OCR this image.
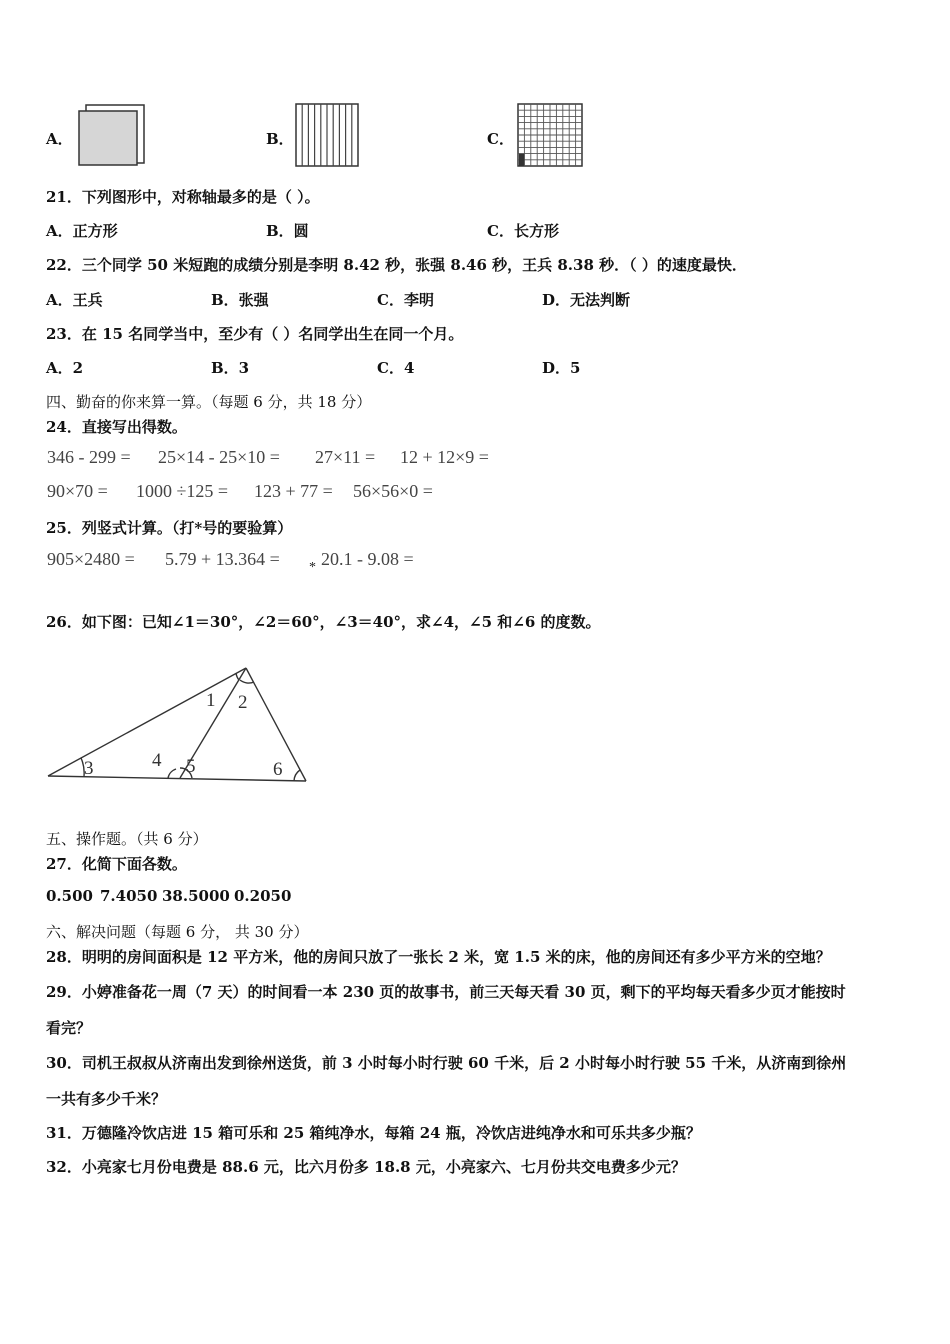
A．	B．	C．
21．下列图形中，对称轴最多的是（ ）。
A．正方形	B．圆	C．长方形
22．三个同学 50 米短跑的成绩分别是李明 8.42 秒，张强 8.46 秒，王兵 8.38 秒．（ ）的速度最快．
A．王兵	B．张强	C．李明	D．无法判断
23．在 15 名同学当中，至少有（ ）名同学出生在同一个月。
A．2	B．3	C．4	D．5
四、勤奋的你来算一算。（每题 6 分，共 18 分）
24．直接写出得数。
346 - 299 = 25×14 - 25×10 = 27×11 = 12 + 12×9 =
90×70 = 1000 ÷125 = 123 + 77 = 56×56×0 =
25．列竖式计算。（打*号的要验算）
905×2480 = 5.79 + 13.364 = * 20.1 - 9.08 =
26．如下图：已知∠1＝30°，∠2＝60°，∠3＝40°，求∠4，∠5 和∠6 的度数。
1 2
3	4 5	6
五、操作题。（共 6 分）
27．化简下面各数。
0.500 7.4050 38.5000 0.2050
六、解决问题（每题 6 分， 共 30 分）
28．明明的房间面积是 12 平方米，他的房间只放了一张长 2 米，宽 1.5 米的床，他的房间还有多少平方米的空地？
29．小婷准备花一周（7 天）的时间看一本 230 页的故事书，前三天每天看 30 页，剩下的平均每天看多少页才能按时
看完？
30．司机王叔叔从济南出发到徐州送货，前 3 小时每小时行驶 60 千米，后 2 小时每小时行驶 55 千米，从济南到徐州
一共有多少千米？
31．万德隆冷饮店进 15 箱可乐和 25 箱纯净水，每箱 24 瓶，冷饮店进纯净水和可乐共多少瓶？
32．小亮家七月份电费是 88.6 元，比六月份多 18.8 元，小亮家六、七月份共交电费多少元？
